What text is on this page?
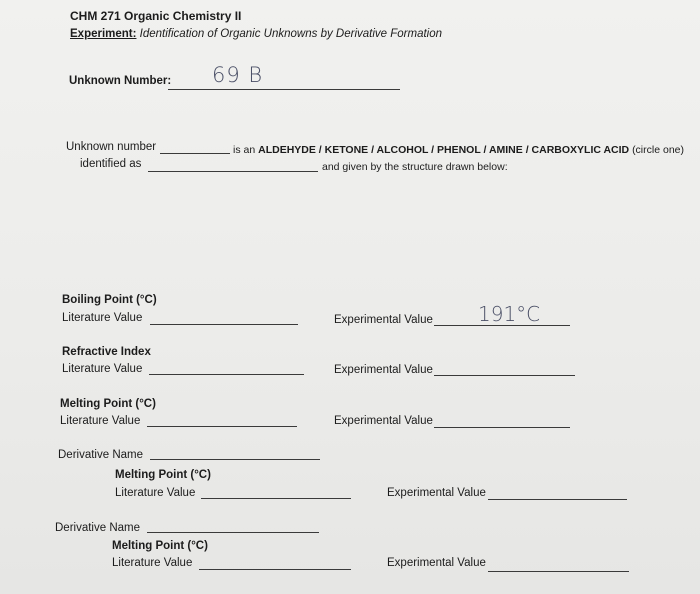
CHM 271 Organic Chemistry II
Experiment: Identification of Organic Unknowns by Derivative Formation
Unknown Number: 69 B
Unknown number
identified as
is an ALDEHYDE / KETONE / ALCOHOL / PHENOL / AMINE / CARBOXYLIC ACID (circle one)
and given by the structure drawn below:
Boiling Point (°C)
Literature Value	Experimental Value 191°C
Refractive Index
Literature Value	Experimental Value
Melting Point (°C)
Literature Value	Experimental Value
Derivative Name
Melting Point (°C)
Literature Value	Experimental Value
Derivative Name
Melting Point (°C)
Literature Value	Experimental Value
